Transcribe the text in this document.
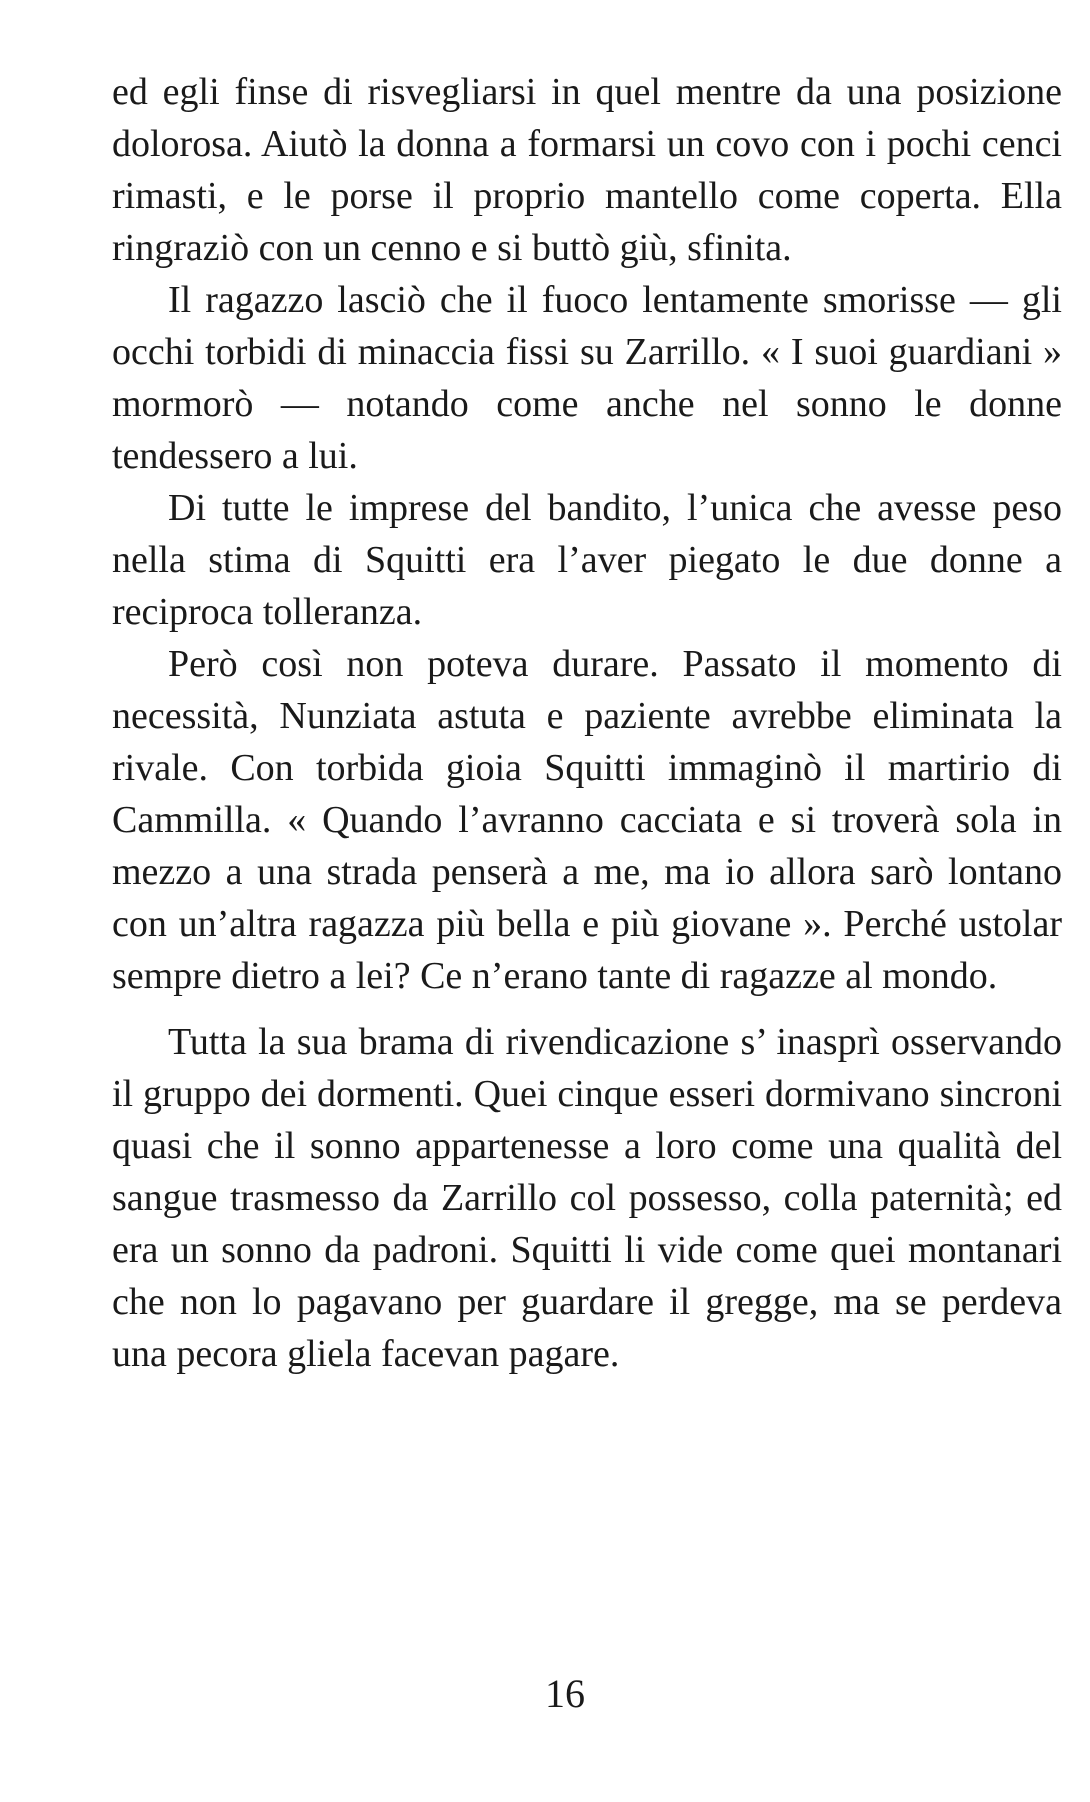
ed egli finse di risvegliarsi in quel mentre da una posizione dolorosa. Aiutò la donna a formarsi un covo con i pochi cenci rimasti, e le porse il proprio mantello come coperta. Ella ringraziò con un cenno e si buttò giù, sfinita.

Il ragazzo lasciò che il fuoco lentamente smorisse — gli occhi torbidi di minaccia fissi su Zarrillo. « I suoi guardiani » mormorò — notando come anche nel sonno le donne tendessero a lui.

Di tutte le imprese del bandito, l’unica che avesse peso nella stima di Squitti era l’aver piegato le due donne a reciproca tolleranza.

Però così non poteva durare. Passato il momento di necessità, Nunziata astuta e paziente avrebbe eliminata la rivale. Con torbida gioia Squitti immaginò il martirio di Cammilla. « Quando l’avranno cacciata e si troverà sola in mezzo a una strada penserà a me, ma io allora sarò lontano con un’altra ragazza più bella e più giovane ». Perché ustolar sempre dietro a lei? Ce n’erano tante di ragazze al mondo.

Tutta la sua brama di rivendicazione s’ inasprì osservando il gruppo dei dormenti. Quei cinque esseri dormivano sincroni quasi che il sonno appartenesse a loro come una qualità del sangue trasmesso da Zarrillo col possesso, colla paternità; ed era un sonno da padroni. Squitti li vide come quei montanari che non lo pagavano per guardare il gregge, ma se perdeva una pecora gliela facevan pagare.

16
